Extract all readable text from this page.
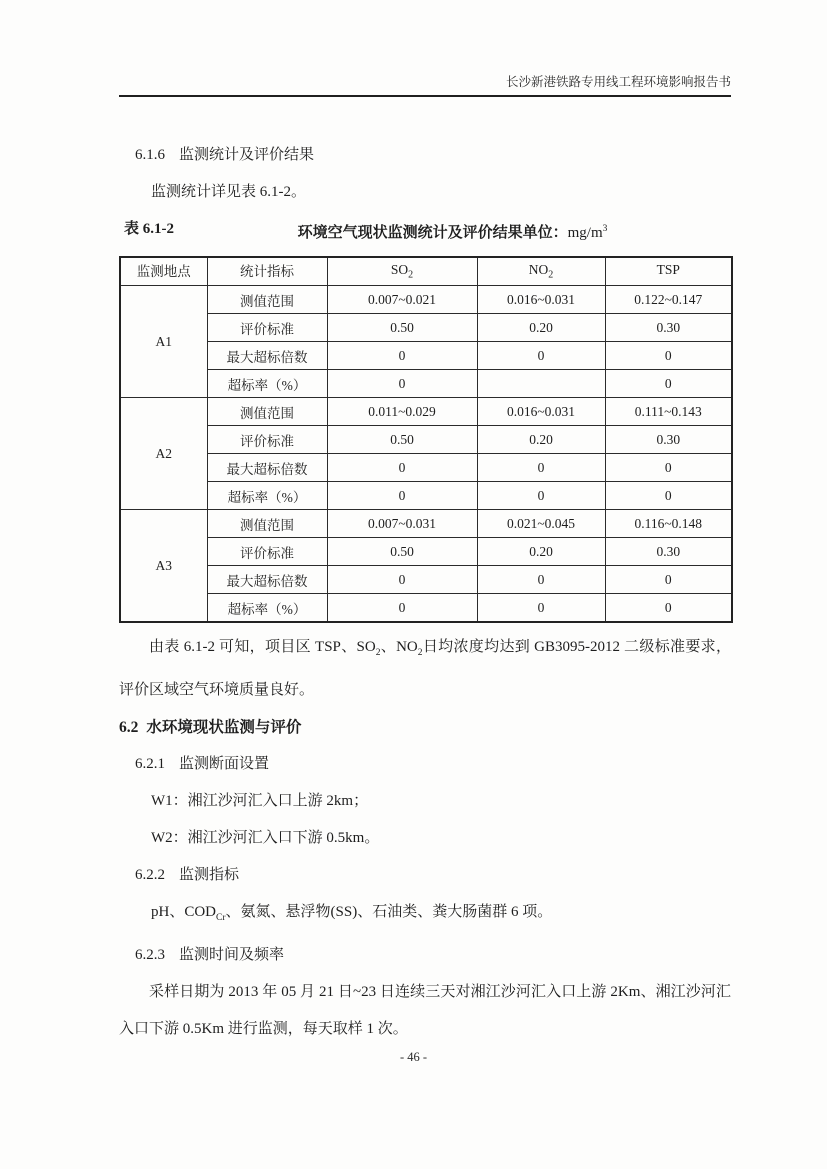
长沙新港铁路专用线工程环境影响报告书
6.1.6 监测统计及评价结果
监测统计详见表 6.1-2。
表 6.1-2	环境空气现状监测统计及评价结果单位：$mg/m^3$
监测地点	统计指标	$SO_2$	$NO_2$	TSP
A1	测值范围	0.007~0.021	0.016~0.031	0.122~0.147
	评价标准	0.50	0.20	0.30
	最大超标倍数	0	0	0
	超标率（%）	0		0
A2	测值范围	0.011~0.029	0.016~0.031	0.111~0.143
	评价标准	0.50	0.20	0.30
	最大超标倍数	0	0	0
	超标率（%）	0	0	0
A3	测值范围	0.007~0.031	0.021~0.045	0.116~0.148
	评价标准	0.50	0.20	0.30
	最大超标倍数	0	0	0
	超标率（%）	0	0	0

由表 6.1-2 可知，项目区 TSP、$SO_2$、$NO_2$日均浓度均达到 GB3095-2012 二级标准要求，评价区域空气环境质量良好。

6.2 水环境现状监测与评价
6.2.1 监测断面设置
W1：湘江沙河汇入口上游 2km；
W2：湘江沙河汇入口下游 0.5km。
6.2.2 监测指标
pH、$COD_{Cr}$、氨氮、悬浮物(SS)、石油类、粪大肠菌群 6 项。
6.2.3 监测时间及频率

采样日期为 2013 年 05 月 21 日~23 日连续三天对湘江沙河汇入口上游 2Km、湘江沙河汇入口下游 0.5Km 进行监测，每天取样 1 次。

- 46 -
